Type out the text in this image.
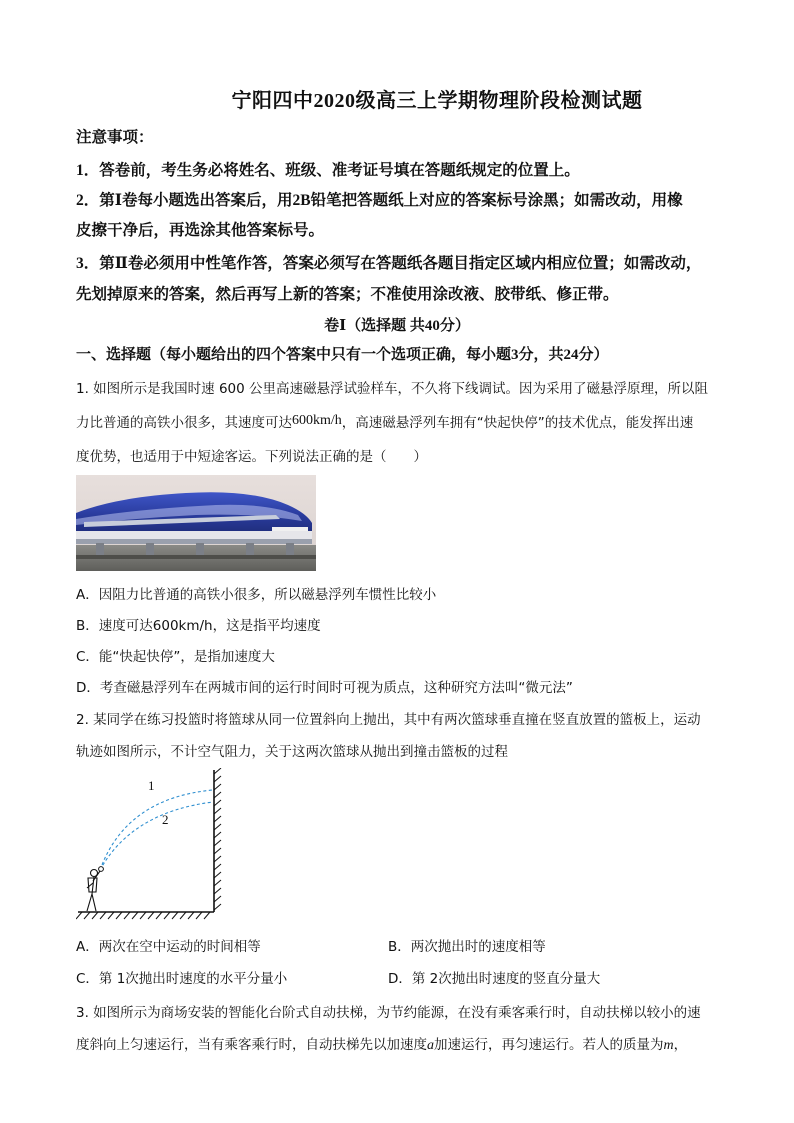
宁阳四中2020级高三上学期物理阶段检测试题
注意事项：
1．答卷前，考生务必将姓名、班级、准考证号填在答题纸规定的位置上。
2．第Ⅰ卷每小题选出答案后，用2B铅笔把答题纸上对应的答案标号涂黑；如需改动，用橡
皮擦干净后，再选涂其他答案标号。
3．第Ⅱ卷必须用中性笔作答，答案必须写在答题纸各题目指定区域内相应位置；如需改动，
先划掉原来的答案，然后再写上新的答案；不准使用涂改液、胶带纸、修正带。
卷Ⅰ（选择题 共40分）
一、选择题（每小题给出的四个答案中只有一个选项正确，每小题3分，共24分）
1. 如图所示是我国时速 600 公里高速磁悬浮试验样车，不久将下线调试。因为采用了磁悬浮原理，所以阻
力比普通的高铁小很多，其速度可达600km/h，高速磁悬浮列车拥有“快起快停”的技术优点，能发挥出速
度优势，也适用于中短途客运。下列说法正确的是（　　）
A．因阻力比普通的高铁小很多，所以磁悬浮列车惯性比较小
B．速度可达600km/h，这是指平均速度
C．能“快起快停”，是指加速度大
D．考查磁悬浮列车在两城市间的运行时间时可视为质点，这种研究方法叫“微元法”
2. 某同学在练习投篮时将篮球从同一位置斜向上抛出，其中有两次篮球垂直撞在竖直放置的篮板上，运动
轨迹如图所示，不计空气阻力，关于这两次篮球从抛出到撞击篮板的过程
1
2
A．两次在空中运动的时间相等	B．两次抛出时的速度相等
C．第 1次抛出时速度的水平分量小	D．第 2次抛出时速度的竖直分量大
3. 如图所示为商场安装的智能化台阶式自动扶梯，为节约能源，在没有乘客乘行时，自动扶梯以较小的速
度斜向上匀速运行，当有乘客乘行时，自动扶梯先以加速度a加速运行，再匀速运行。若人的质量为m，
